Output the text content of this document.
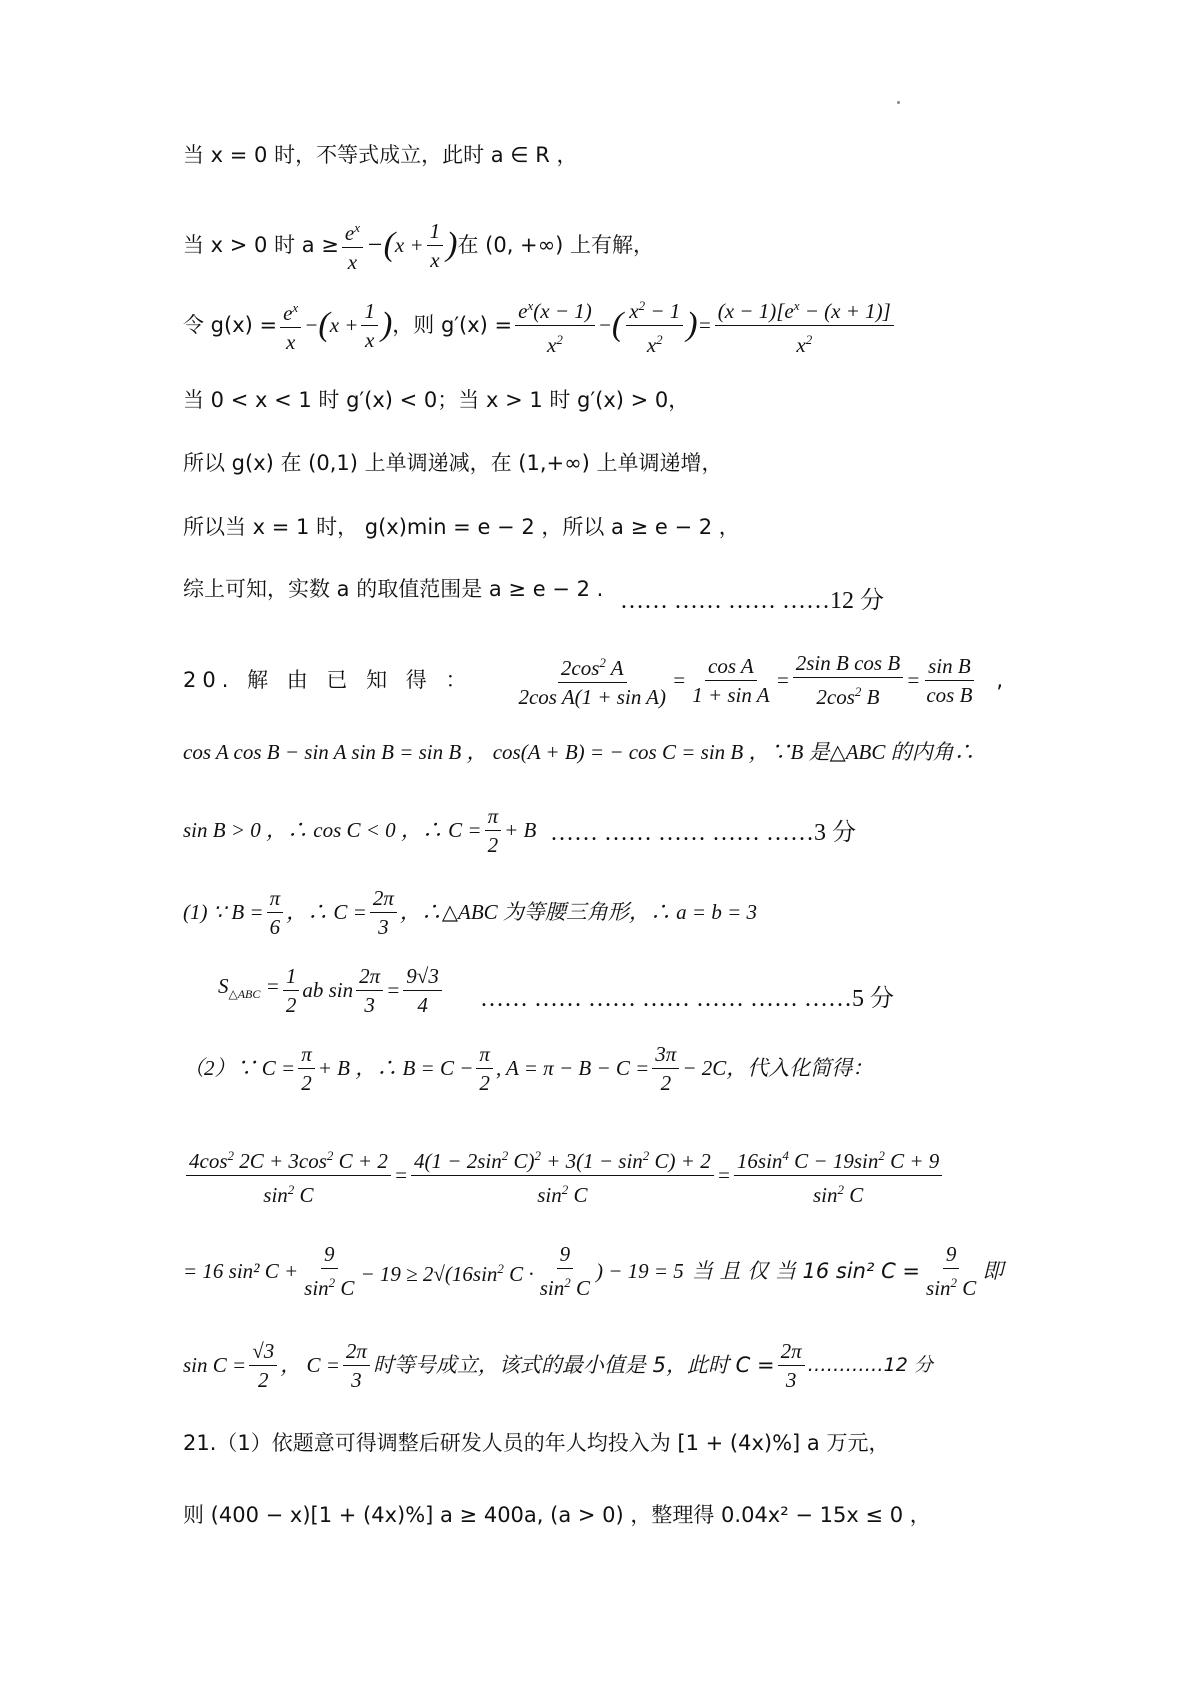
当 x = 0 时，不等式成立，此时 a ∈ R ，
当 x > 0 时 $a \ge \frac{e^x}{x}$ − ( $x + \frac{1}{x}$ ) 在 (0, +∞) 上有解，
令 $g(x) = \frac{e^x}{x}$ − ( $x + \frac{1}{x}$ ) ，则 $g'(x) = \frac{e^x(x - 1)}{x^2}$ − ( $\frac{x^2 - 1}{x^2}$ ) = $\frac{(x - 1)[e^x - (x + 1)]}{x^2}$
当 0 < x < 1 时 g′(x) < 0；当 x > 1 时 g′(x) > 0，
所以 g(x) 在 (0,1) 上单调递减，在 (1,+∞) 上单调递增，
所以当 x = 1 时， g(x)min = e − 2 ，所以 a ≥ e − 2 ，
综上可知，实数 a 的取值范围是 a ≥ e − 2 . …… …… …… ……12 分
20. 解 由 已 知 得 ： $\frac{2\cos^2 A}{\text{2cos A(1 + sin A)}} = \frac{\text{cos A}}{\text{1 + sin A}} = \frac{\text{2sin B cos B}}{2\cos^2 B} = \frac{\text{sin B}}{\text{cos B}}$ ,
cos A cos B − sin A sin B = sin B ， cos(A + B) = − cos C = sin B ，∵B 是△ABC 的内角∴
sin B > 0 ，∴ cos C < 0 ，∴ $C = \frac{\pi}{2} + B$ …… …… …… …… ……3 分
(1) ∵ $B = \frac{\pi}{6}$ ，∴ $C = \frac{2\pi}{3}$ ，∴△ABC 为等腰三角形，∴ a = b = 3
$S_{\triangle ABC} = \frac{1}{2}$ ab $\sin \frac{2\pi}{3} = \frac{9√3}{4}$ …… …… …… …… …… …… ……5 分
（2）∵ $C = \frac{\pi}{2} + B$ ，∴ $B = C - \frac{\pi}{2}$ , $A = \pi - B - C = \frac{3\pi}{2} - 2C$ ，代入化简得：
$\frac{4\cos^2 2C + 3\cos^2 C + 2}{\sin^2 C} = \frac{4(1 - 2\sin^2 C)^2 + 3(1 - \sin^2 C) + 2}{\sin^2 C} = \frac{16\sin^4 C - 19\sin^2 C + 9}{\sin^2 C}$
= 16 sin² $C + \frac{9}{\sin^2 C} - 19 \ge 2√(16\sin^2$ $C \cdot \frac{9}{\sin^2 C}$ ) − 19 = 5 当 且 仅 当 16 sin² $C = \frac{9}{\sin^2 C}$ 即
$\sin C = \frac{√3}{2}$ ， $C = \frac{2\pi}{3}$ 时等号成立，该式的最小值是 5，此时 $C = \frac{2\pi}{3}$ …………12 分
21.（1）依题意可得调整后研发人员的年人均投入为 [1 + (4x)%] a 万元，
则 (400 − x)[1 + (4x)%] a ≥ 400a, (a > 0) ，整理得 0.04x² − 15x ≤ 0 ，
